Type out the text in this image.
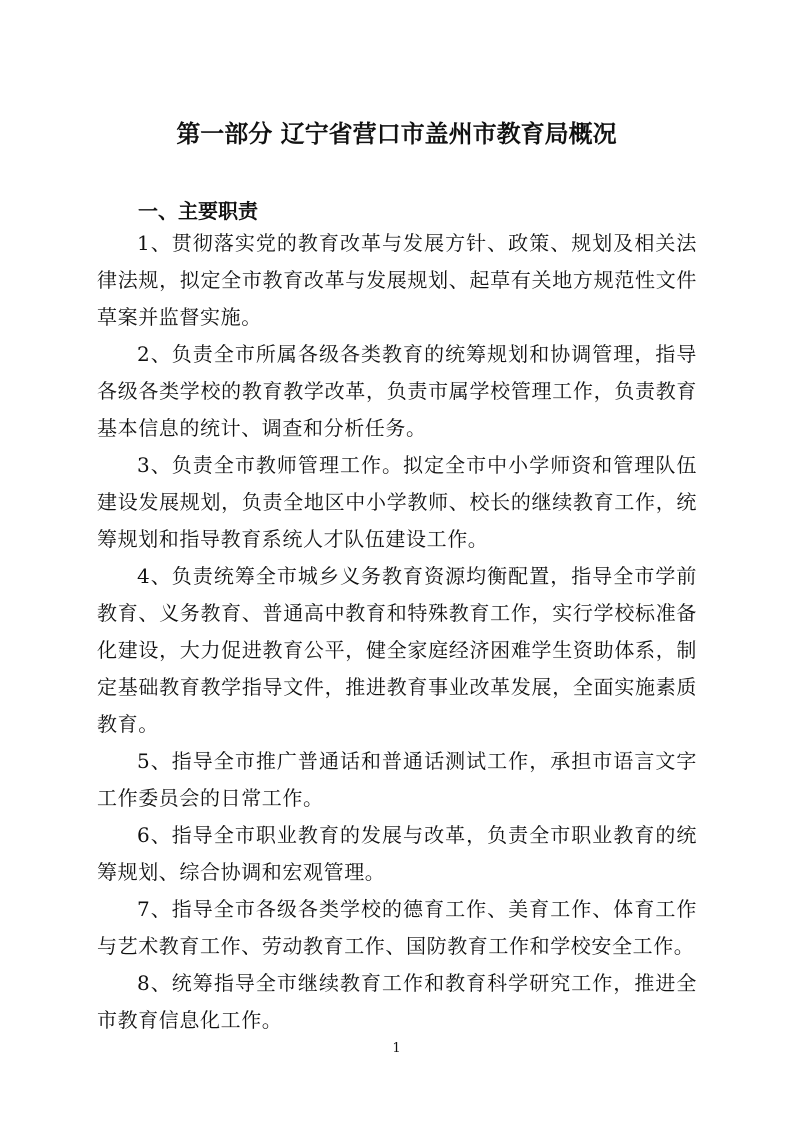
第一部分 辽宁省营口市盖州市教育局概况
一、主要职责

1、贯彻落实党的教育改革与发展方针、政策、规划及相关法律法规，拟定全市教育改革与发展规划、起草有关地方规范性文件草案并监督实施。

2、负责全市所属各级各类教育的统筹规划和协调管理，指导各级各类学校的教育教学改革，负责市属学校管理工作，负责教育基本信息的统计、调查和分析任务。

3、负责全市教师管理工作。拟定全市中小学师资和管理队伍建设发展规划，负责全地区中小学教师、校长的继续教育工作，统筹规划和指导教育系统人才队伍建设工作。

4、负责统筹全市城乡义务教育资源均衡配置，指导全市学前教育、义务教育、普通高中教育和特殊教育工作，实行学校标准备化建设，大力促进教育公平，健全家庭经济困难学生资助体系，制定基础教育教学指导文件，推进教育事业改革发展，全面实施素质教育。

5、指导全市推广普通话和普通话测试工作，承担市语言文字工作委员会的日常工作。

6、指导全市职业教育的发展与改革，负责全市职业教育的统筹规划、综合协调和宏观管理。

7、指导全市各级各类学校的德育工作、美育工作、体育工作与艺术教育工作、劳动教育工作、国防教育工作和学校安全工作。

8、统筹指导全市继续教育工作和教育科学研究工作，推进全市教育信息化工作。

1
